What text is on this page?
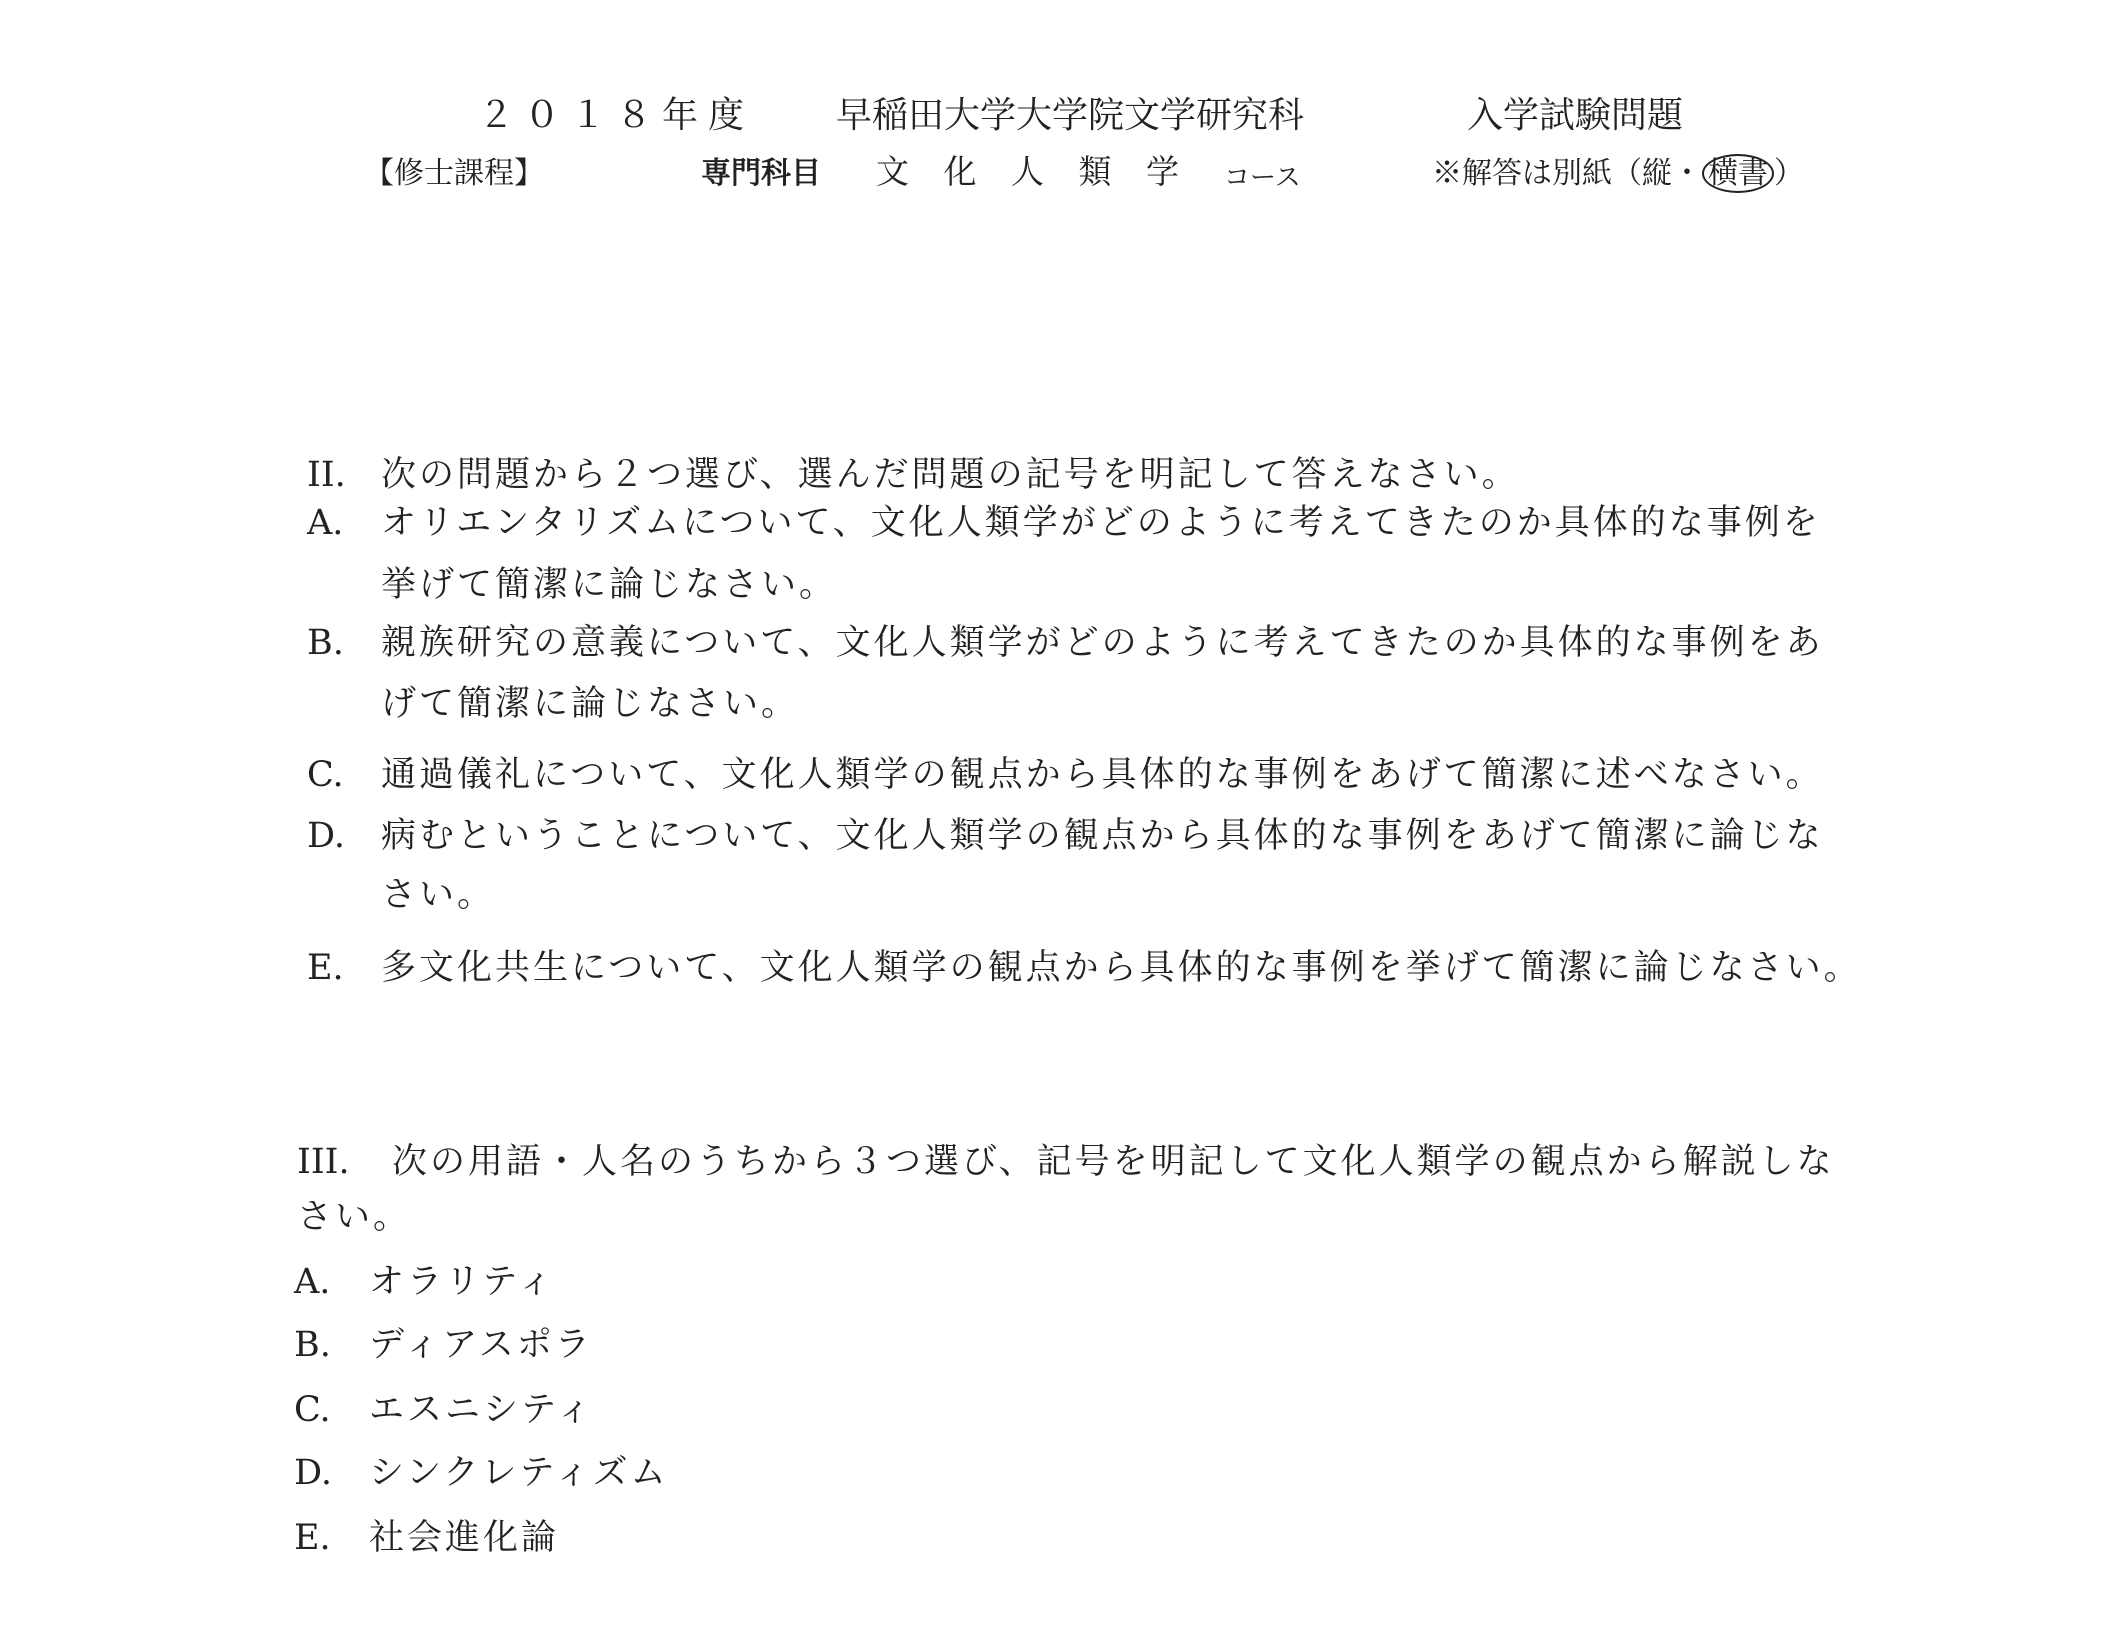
２０１８年度 早稲田大学大学院文学研究科	入学試験問題
【修士課程】	専門科目 文 化 人 類 学 コース	※解答は別紙（縦・ 横書 ）
II. 次の問題から２つ選び、選んだ問題の記号を明記して答えなさい。
A. オリエンタリズムについて、文化人類学がどのように考えてきたのか具体的な事例を
挙げて簡潔に論じなさい。
B. 親族研究の意義について、文化人類学がどのように考えてきたのか具体的な事例をあ
げて簡潔に論じなさい。
C. 通過儀礼について、文化人類学の観点から具体的な事例をあげて簡潔に述べなさい。
D. 病むということについて、文化人類学の観点から具体的な事例をあげて簡潔に論じな
さい。
E. 多文化共生について、文化人類学の観点から具体的な事例を挙げて簡潔に論じなさい。
III. 次の用語・人名のうちから３つ選び、記号を明記して文化人類学の観点から解説しな
さい。
A. オラリティ
B. ディアスポラ
C. エスニシティ
D. シンクレティズム
E. 社会進化論
